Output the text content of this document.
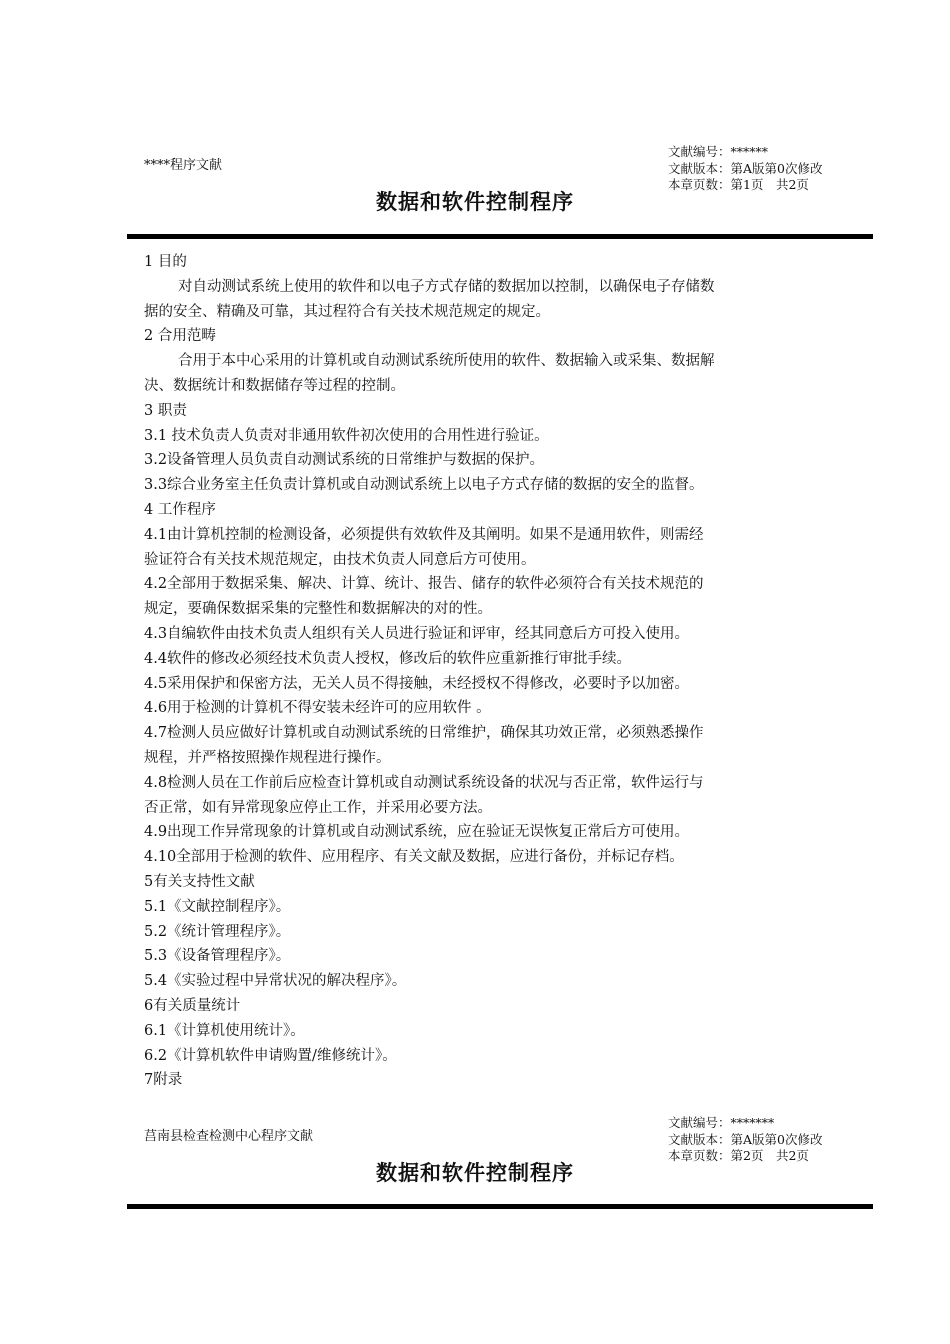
****程序文献
文献编号：******
文献版本：第A版第0次修改
本章页数：第1页　共2页
数据和软件控制程序

1 目的

对自动测试系统上使用的软件和以电子方式存储的数据加以控制，以确保电子存储数

据的安全、精确及可靠，其过程符合有关技术规范规定的规定。

2 合用范畴

合用于本中心采用的计算机或自动测试系统所使用的软件、数据输入或采集、数据解

决、数据统计和数据储存等过程的控制。

3 职责

3.1 技术负责人负责对非通用软件初次使用的合用性进行验证。

3.2设备管理人员负责自动测试系统的日常维护与数据的保护。

3.3综合业务室主任负责计算机或自动测试系统上以电子方式存储的数据的安全的监督。

4 工作程序

4.1由计算机控制的检测设备，必须提供有效软件及其阐明。如果不是通用软件，则需经

验证符合有关技术规范规定，由技术负责人同意后方可使用。

4.2全部用于数据采集、解决、计算、统计、报告、储存的软件必须符合有关技术规范的

规定，要确保数据采集的完整性和数据解决的对的性。

4.3自编软件由技术负责人组织有关人员进行验证和评审，经其同意后方可投入使用。

4.4软件的修改必须经技术负责人授权，修改后的软件应重新推行审批手续。

4.5采用保护和保密方法，无关人员不得接触，未经授权不得修改，必要时予以加密。

4.6用于检测的计算机不得安装未经许可的应用软件 。

4.7检测人员应做好计算机或自动测试系统的日常维护，确保其功效正常，必须熟悉操作

规程，并严格按照操作规程进行操作。

4.8检测人员在工作前后应检查计算机或自动测试系统设备的状况与否正常，软件运行与

否正常，如有异常现象应停止工作，并采用必要方法。

4.9出现工作异常现象的计算机或自动测试系统，应在验证无误恢复正常后方可使用。

4.10全部用于检测的软件、应用程序、有关文献及数据，应进行备份，并标记存档。

5有关支持性文献

5.1《文献控制程序》。

5.2《统计管理程序》。

5.3《设备管理程序》。

5.4《实验过程中异常状况的解决程序》。

6有关质量统计

6.1《计算机使用统计》。

6.2《计算机软件申请购置/维修统计》。

7附录

莒南县检查检测中心程序文献
文献编号：*******
文献版本：第A版第0次修改
本章页数：第2页　共2页
数据和软件控制程序
